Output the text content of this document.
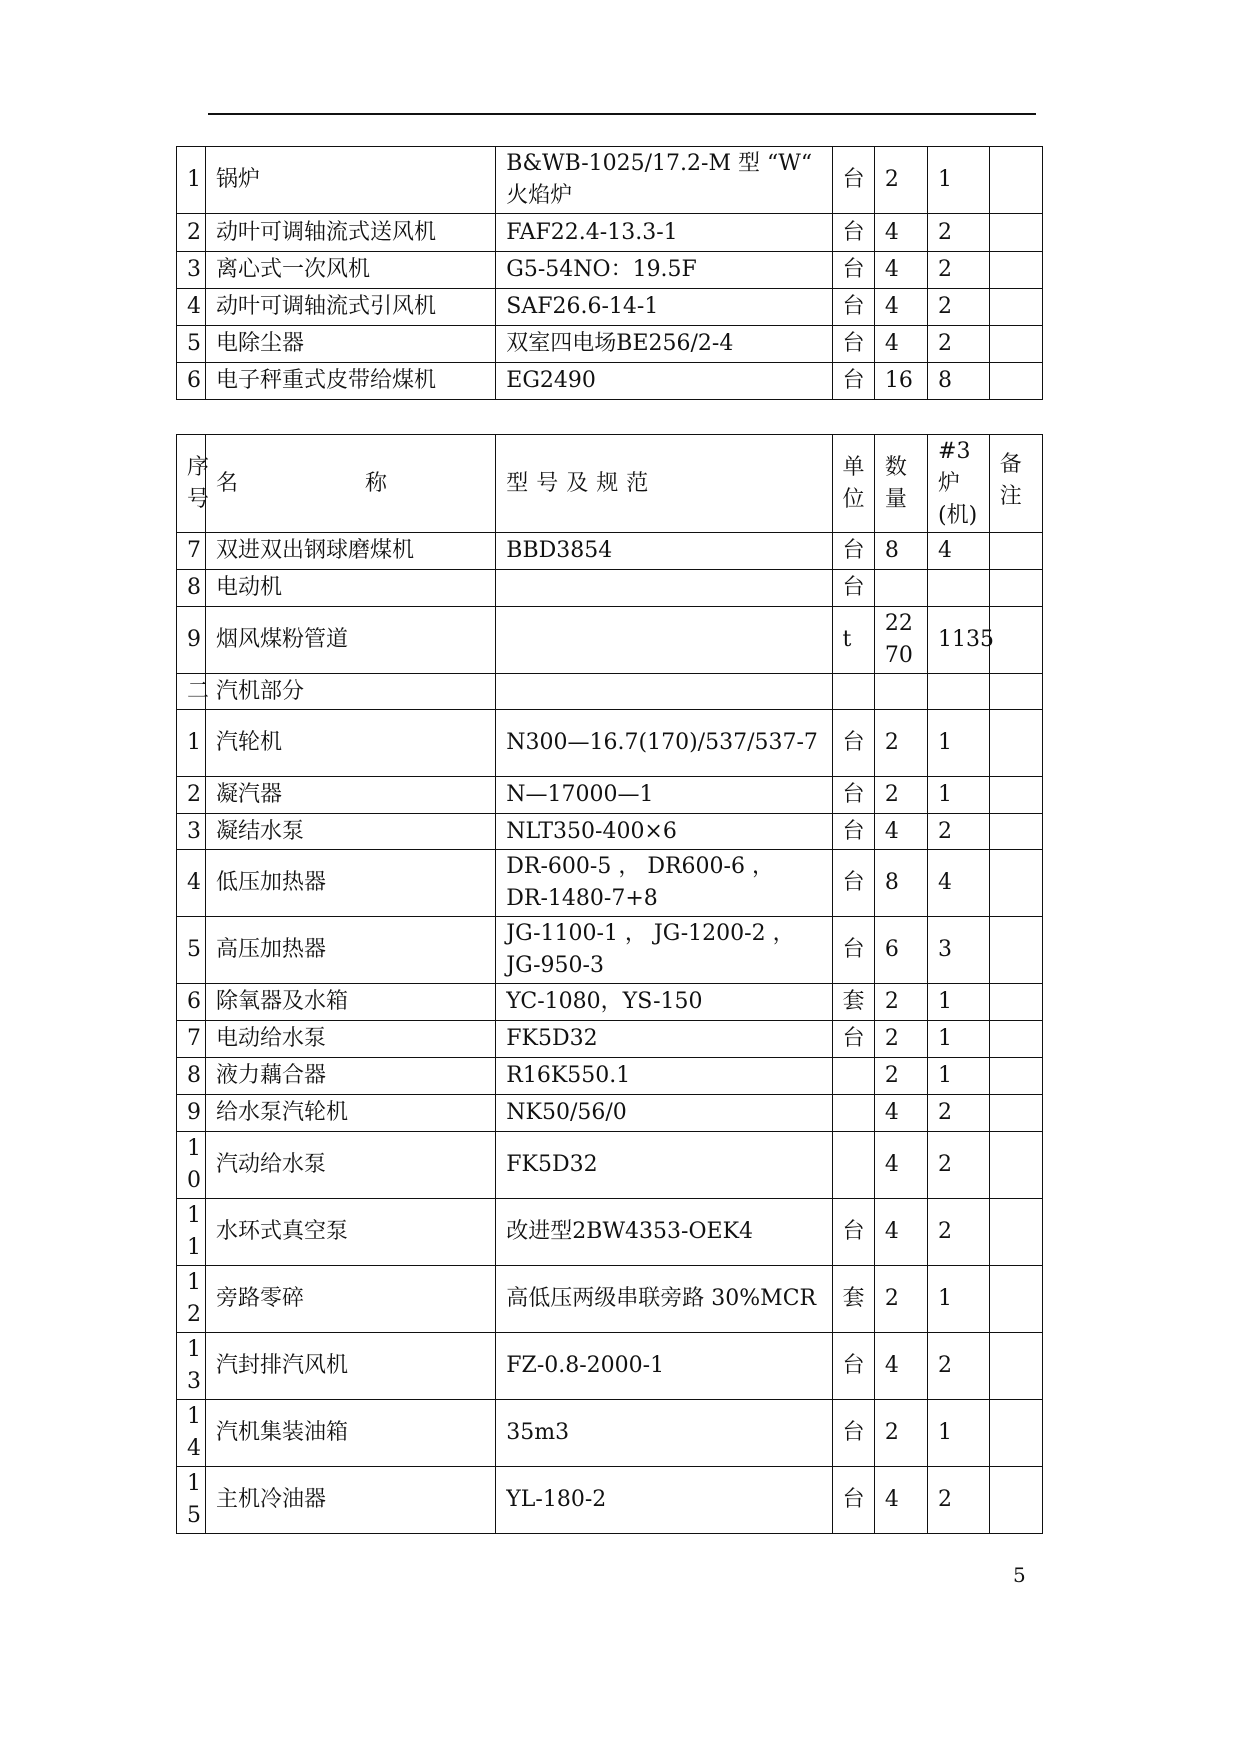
1	锅炉	B&WB-1025/17.2-M 型 “W“ 火焰炉	台	2	1	
2	动叶可调轴流式送风机	FAF22.4-13.3-1	台	4	2	
3	离心式一次风机	G5-54NO：19.5F	台	4	2	
4	动叶可调轴流式引风机	SAF26.6-14-1	台	4	2	
5	电除尘器	双室四电场BE256/2-4	台	4	2	
6	电子秤重式皮带给煤机	EG2490	台	16	8	
序 号	名 称	型号及规范	单 位	数 量	#3 炉 (机)	备 注
7	双进双出钢球磨煤机	BBD3854	台	8	4	
8	电动机		台			
9	烟风煤粉管道		t	2270	1135	
二	汽机部分					
1	汽轮机	N300—16.7(170)/537/537-7	台	2	1	
2	凝汽器	N—17000—1	台	2	1	
3	凝结水泵	NLT350-400×6	台	4	2	
4	低压加热器	DR-600-5 ， DR600-6 ， DR-1480-7+8	台	8	4	
5	高压加热器	JG-1100-1 ， JG-1200-2 ， JG-950-3	台	6	3	
6	除氧器及水箱	YC-1080，YS-150	套	2	1	
7	电动给水泵	FK5D32	台	2	1	
8	液力藕合器	R16K550.1		2	1	
9	给水泵汽轮机	NK50/56/0		4	2	
10	汽动给水泵	FK5D32		4	2	
11	水环式真空泵	改进型2BW4353-OEK4	台	4	2	
12	旁路零碎	高低压两级串联旁路 30%MCR	套	2	1	
13	汽封排汽风机	FZ-0.8-2000-1	台	4	2	
14	汽机集装油箱	35m3	台	2	1	
15	主机冷油器	YL-180-2	台	4	2	
5
